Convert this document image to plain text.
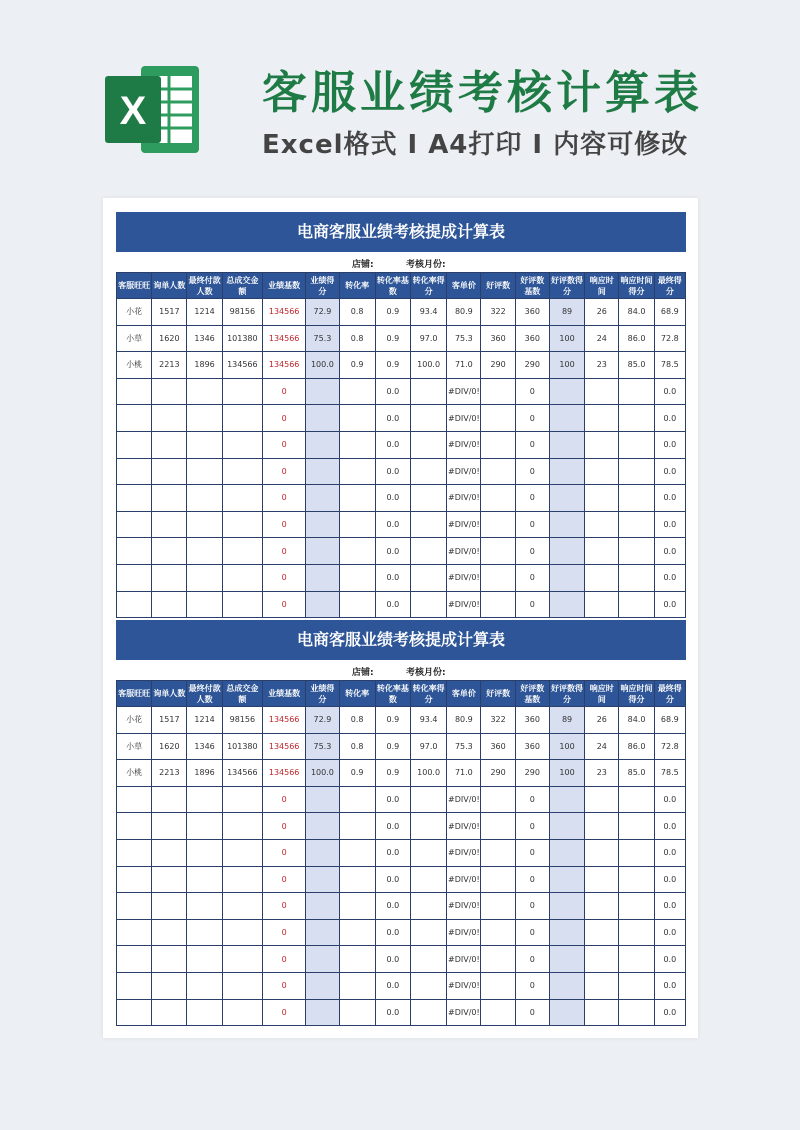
X	客服业绩考核计算表
Excel格式 I A4打印 I 内容可修改
电商客服业绩考核提成计算表
店铺:	考核月份:
客服旺旺	询单人数	最终付款人数	总成交金额	业绩基数	业绩得分	转化率	转化率基数	转化率得分	客单价	好评数	好评数基数	好评数得分	响应时间	响应时间得分	最终得分
小花	1517	1214	98156	134566	72.9	0.8	0.9	93.4	80.9	322	360	89	26	84.0	68.9
小草	1620	1346	101380	134566	75.3	0.8	0.9	97.0	75.3	360	360	100	24	86.0	72.8
小桃	2213	1896	134566	134566	100.0	0.9	0.9	100.0	71.0	290	290	100	23	85.0	78.5
				0			0.0		#DIV/0!		0				0.0
				0			0.0		#DIV/0!		0				0.0
				0			0.0		#DIV/0!		0				0.0
				0			0.0		#DIV/0!		0				0.0
				0			0.0		#DIV/0!		0				0.0
				0			0.0		#DIV/0!		0				0.0
				0			0.0		#DIV/0!		0				0.0
				0			0.0		#DIV/0!		0				0.0
				0			0.0		#DIV/0!		0				0.0
电商客服业绩考核提成计算表
店铺:	考核月份:
客服旺旺	询单人数	最终付款人数	总成交金额	业绩基数	业绩得分	转化率	转化率基数	转化率得分	客单价	好评数	好评数基数	好评数得分	响应时间	响应时间得分	最终得分
小花	1517	1214	98156	134566	72.9	0.8	0.9	93.4	80.9	322	360	89	26	84.0	68.9
小草	1620	1346	101380	134566	75.3	0.8	0.9	97.0	75.3	360	360	100	24	86.0	72.8
小桃	2213	1896	134566	134566	100.0	0.9	0.9	100.0	71.0	290	290	100	23	85.0	78.5
				0			0.0		#DIV/0!		0				0.0
				0			0.0		#DIV/0!		0				0.0
				0			0.0		#DIV/0!		0				0.0
				0			0.0		#DIV/0!		0				0.0
				0			0.0		#DIV/0!		0				0.0
				0			0.0		#DIV/0!		0				0.0
				0			0.0		#DIV/0!		0				0.0
				0			0.0		#DIV/0!		0				0.0
				0			0.0		#DIV/0!		0				0.0
